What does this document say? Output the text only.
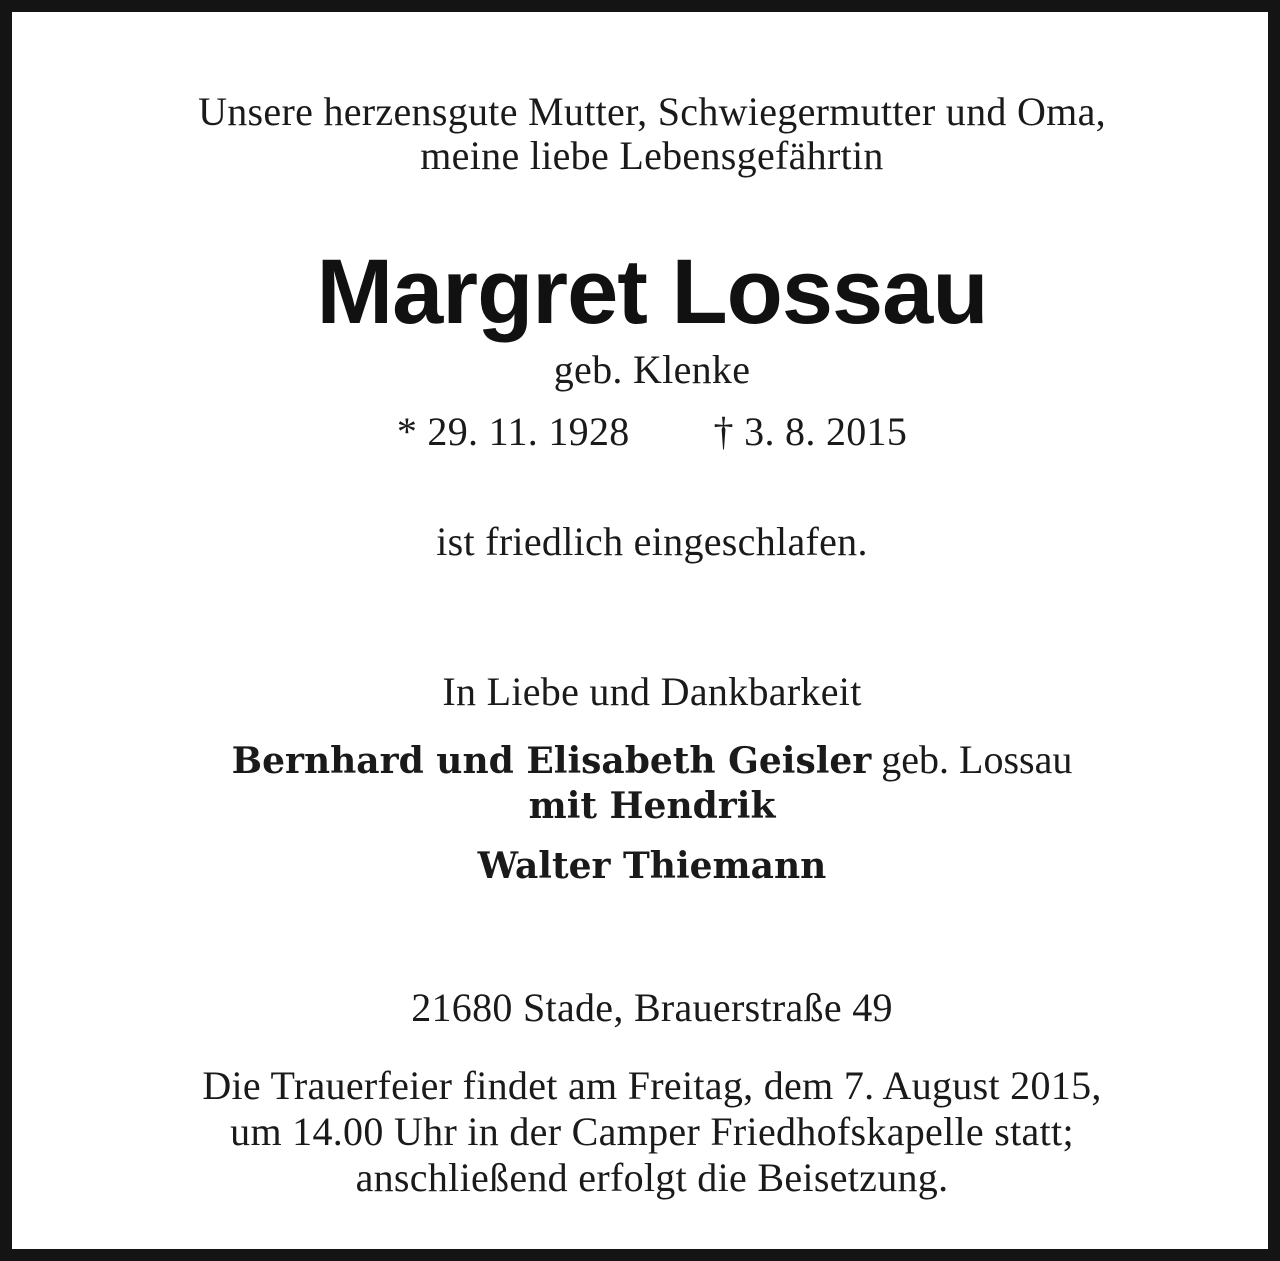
Unsere herzensgute Mutter, Schwiegermutter und Oma,

meine liebe Lebensgefährtin

Margret Lossau

geb. Klenke

* 29. 11. 1928 † 3. 8. 2015

ist friedlich eingeschlafen.

In Liebe und Dankbarkeit

Bernhard und Elisabeth Geisler geb. Lossau

mit Hendrik

Walter Thiemann

21680 Stade, Brauerstraße 49

Die Trauerfeier findet am Freitag, dem 7. August 2015,

um 14.00 Uhr in der Camper Friedhofskapelle statt;

anschließend erfolgt die Beisetzung.
